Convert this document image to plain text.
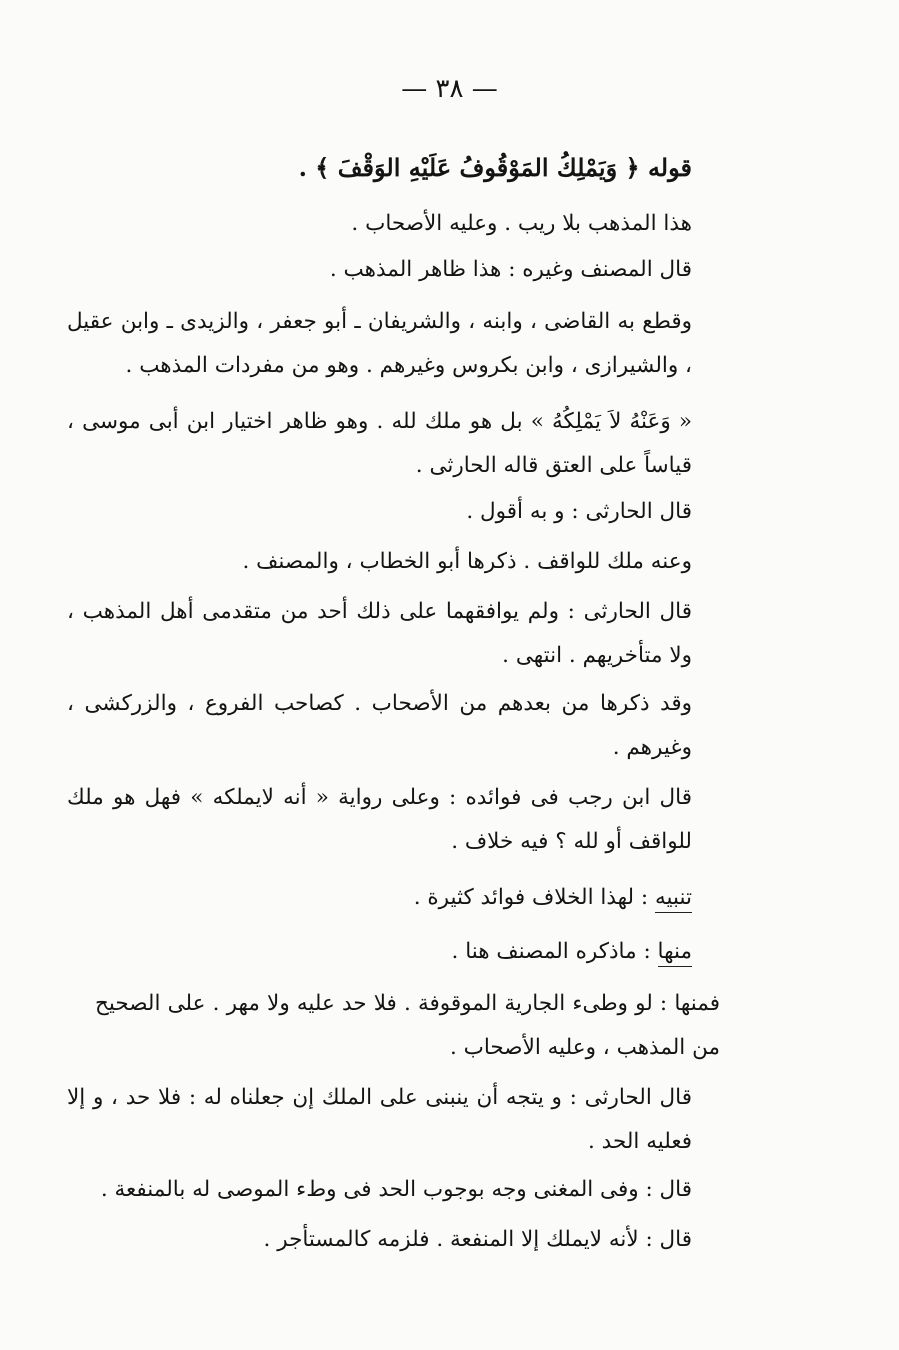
— ٣٨ —
قوله ﴿ وَيَمْلِكُ المَوْقُوفُ عَلَيْهِ الوَقْفَ ﴾ .
هذا المذهب بلا ريب . وعليه الأصحاب .
قال المصنف وغيره : هذا ظاهر المذهب .
وقطع به القاضى ، وابنه ، والشريفان ـ أبو جعفر ، والزيدى ـ وابن عقيل ، والشيرازى ، وابن بكروس وغيرهم . وهو من مفردات المذهب .
« وَعَنْهُ لاَ يَمْلِكُهُ » بل هو ملك لله . وهو ظاهر اختيار ابن أبى موسى ، قياساً على العتق قاله الحارثى .
قال الحارثى : و به أقول .
وعنه ملك للواقف . ذكرها أبو الخطاب ، والمصنف .
قال الحارثى : ولم يوافقهما على ذلك أحد من متقدمى أهل المذهب ، ولا متأخريهم . انتهى .
وقد ذكرها من بعدهم من الأصحاب . كصاحب الفروع ، والزركشى ، وغيرهم .
قال ابن رجب فى فوائده : وعلى رواية « أنه لايملكه » فهل هو ملك للواقف أو لله ؟ فيه خلاف .
تنبيه : لهذا الخلاف فوائد كثيرة .
منها : ماذكره المصنف هنا .
فمنها : لو وطىء الجارية الموقوفة . فلا حد عليه ولا مهر . على الصحيح من المذهب ، وعليه الأصحاب .
قال الحارثى : و يتجه أن ينبنى على الملك إن جعلناه له : فلا حد ، و إلا فعليه الحد .
قال : وفى المغنى وجه بوجوب الحد فى وطء الموصى له بالمنفعة .
قال : لأنه لايملك إلا المنفعة . فلزمه كالمستأجر .
